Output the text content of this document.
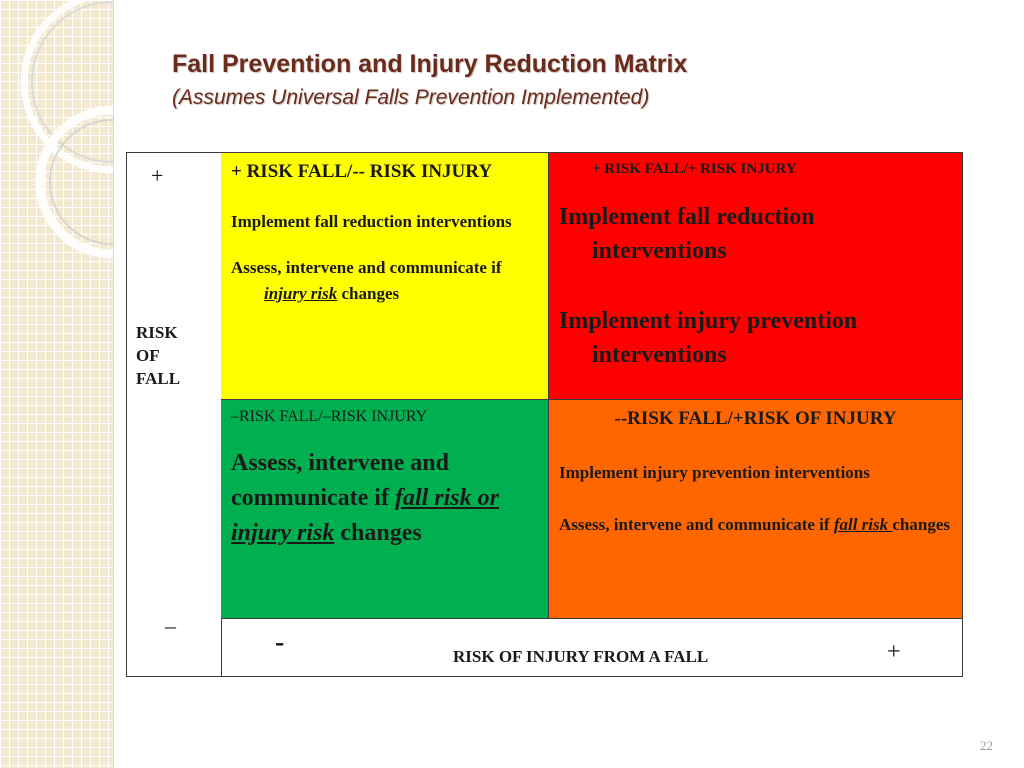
Fall Prevention and Injury Reduction Matrix

(Assumes Universal Falls Prevention Implemented)

+
RISK
OF
FALL
–
+ RISK FALL/-- RISK INJURY
Implement fall reduction interventions
Assess, intervene and communicate if injury risk changes
+ RISK FALL/+ RISK INJURY
Implement fall reduction interventions
Implement injury prevention interventions
–RISK FALL/–RISK INJURY
Assess, intervene and communicate if fall risk or injury risk changes
--RISK FALL/+RISK OF INJURY
Implement injury prevention interventions
Assess, intervene and communicate if fall risk changes
-	RISK OF INJURY FROM A FALL	+
22
